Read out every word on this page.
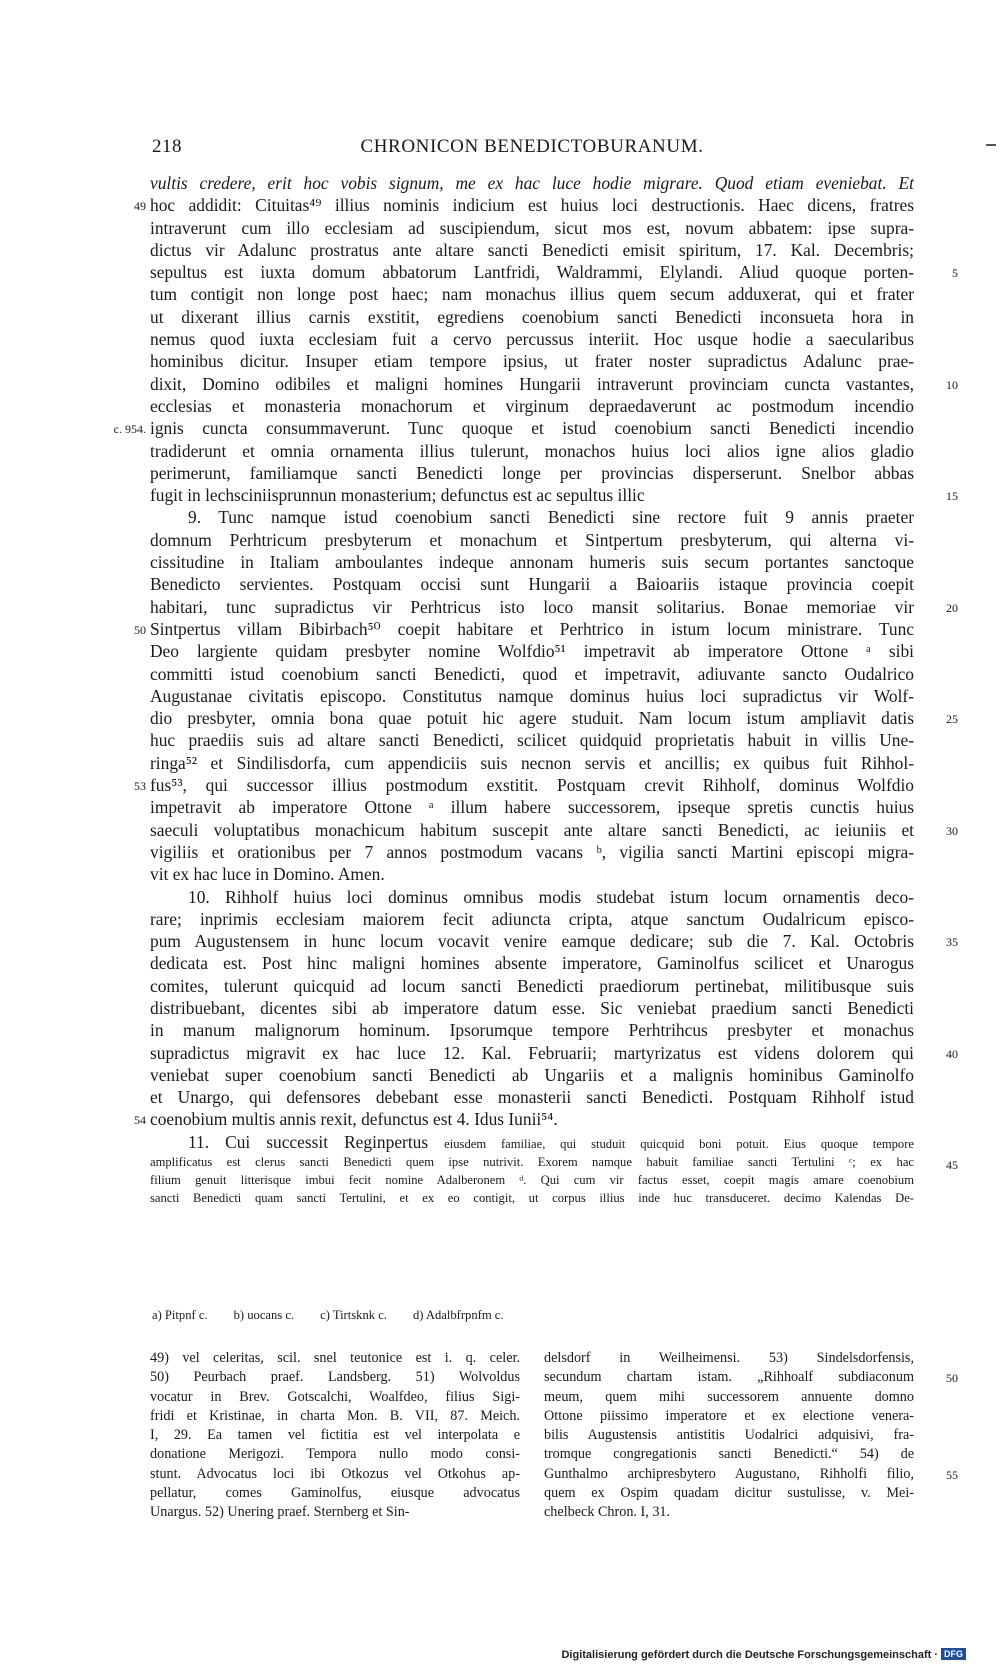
218	CHRONICON BENEDICTOBURANUM.
vultis credere, erit hoc vobis signum, me ex hac luce hodie migrare. Quod etiam eveniebat. Et
hoc addidit: Cituitas⁴⁹ illius nominis indicium est huius loci destructionis. Haec dicens, fratres
49
intraverunt cum illo ecclesiam ad suscipiendum, sicut mos est, novum abbatem: ipse supra-
dictus vir Adalunc prostratus ante altare sancti Benedicti emisit spiritum, 17. Kal. Decembris;
sepultus est iuxta domum abbatorum Lantfridi, Waldrammi, Elylandi. Aliud quoque porten-	5
tum contigit non longe post haec; nam monachus illius quem secum adduxerat, qui et frater
ut dixerant illius carnis exstitit, egrediens coenobium sancti Benedicti inconsueta hora in
nemus quod iuxta ecclesiam fuit a cervo percussus interiit. Hoc usque hodie a saecularibus
hominibus dicitur. Insuper etiam tempore ipsius, ut frater noster supradictus Adalunc prae-
dixit, Domino odibiles et maligni homines Hungarii intraverunt provinciam cuncta vastantes,	10
ecclesias et monasteria monachorum et virginum depraedaverunt ac postmodum incendio
ignis cuncta consummaverunt. Tunc quoque et istud coenobium sancti Benedicti incendio
c. 954.
tradiderunt et omnia ornamenta illius tulerunt, monachos huius loci alios igne alios gladio
perimerunt, familiamque sancti Benedicti longe per provincias disperserunt. Snelbor abbas
fugit in lechsciniisprunnun monasterium; defunctus est ac sepultus illic	15
9. Tunc namque istud coenobium sancti Benedicti sine rectore fuit 9 annis praeter
domnum Perhtricum presbyterum et monachum et Sintpertum presbyterum, qui alterna vi-
cissitudine in Italiam amboulantes indeque annonam humeris suis secum portantes sanctoque
Benedicto servientes. Postquam occisi sunt Hungarii a Baioariis istaque provincia coepit
habitari, tunc supradictus vir Perhtricus isto loco mansit solitarius. Bonae memoriae vir	20
Sintpertus villam Bibirbach⁵⁰ coepit habitare et Perhtrico in istum locum ministrare. Tunc
50
Deo largiente quidam presbyter nomine Wolfdio⁵¹ impetravit ab imperatore Ottone ᵃ sibi
committi istud coenobium sancti Benedicti, quod et impetravit, adiuvante sancto Oudalrico
Augustanae civitatis episcopo. Constitutus namque dominus huius loci supradictus vir Wolf-
dio presbyter, omnia bona quae potuit hic agere studuit. Nam locum istum ampliavit datis	25
huc praediis suis ad altare sancti Benedicti, scilicet quidquid proprietatis habuit in villis Une-
ringa⁵² et Sindilisdorfa, cum appendiciis suis necnon servis et ancillis; ex quibus fuit Rihhol-
fus⁵³, qui successor illius postmodum exstitit. Postquam crevit Rihholf, dominus Wolfdio
53
impetravit ab imperatore Ottone ᵃ illum habere successorem, ipseque spretis cunctis huius
saeculi voluptatibus monachicum habitum suscepit ante altare sancti Benedicti, ac ieiuniis et	30
vigiliis et orationibus per 7 annos postmodum vacans ᵇ, vigilia sancti Martini episcopi migra-
vit ex hac luce in Domino. Amen.
10. Rihholf huius loci dominus omnibus modis studebat istum locum ornamentis deco-
rare; inprimis ecclesiam maiorem fecit adiuncta cripta, atque sanctum Oudalricum episco-
pum Augustensem in hunc locum vocavit venire eamque dedicare; sub die 7. Kal. Octobris	35
dedicata est. Post hinc maligni homines absente imperatore, Gaminolfus scilicet et Unarogus
comites, tulerunt quicquid ad locum sancti Benedicti praediorum pertinebat, militibusque suis
distribuebant, dicentes sibi ab imperatore datum esse. Sic veniebat praedium sancti Benedicti
in manum malignorum hominum. Ipsorumque tempore Perhtrihcus presbyter et monachus
supradictus migravit ex hac luce 12. Kal. Februarii; martyrizatus est videns dolorem qui	40
veniebat super coenobium sancti Benedicti ab Ungariis et a malignis hominibus Gaminolfo
et Unargo, qui defensores debebant esse monasterii sancti Benedicti. Postquam Rihholf istud
coenobium multis annis rexit, defunctus est 4. Idus Iunii⁵⁴.
54
11. Cui successit Reginpertus eiusdem familiae, qui studuit quicquid boni potuit. Eius quoque tempore
amplificatus est clerus sancti Benedicti quem ipse nutrivit. Exorem namque habuit familiae sancti Tertulini ᶜ; ex hac	45
filium genuit litterisque imbui fecit nomine Adalberonem ᵈ. Qui cum vir factus esset, coepit magis amare coenobium
sancti Benedicti quam sancti Tertulini, et ex eo contigit, ut corpus illius inde huc transduceret. decimo Kalendas De-
a) Pitpnf c. b) uocans c. c) Tirtsknk c. d) Adalbfrpnfm c.
49) vel celeritas, scil. snel teutonice est i. q. celer.
50) Peurbach praef. Landsberg. 51) Wolvoldus
vocatur in Brev. Gotscalchi, Woalfdeo, filius Sigi-
fridi et Kristinae, in charta Mon. B. VII, 87. Meich.
I, 29. Ea tamen vel fictitia est vel interpolata e
donatione Merigozi. Tempora nullo modo consi-
stunt. Advocatus loci ibi Otkozus vel Otkohus ap-
pellatur, comes Gaminolfus, eiusque advocatus
Unargus. 52) Unering praef. Sternberg et Sin-
delsdorf in Weilheimensi. 53) Sindelsdorfensis,
secundum chartam istam. „Rihhoalf subdiaconum
meum, quem mihi successorem annuente domno
Ottone piissimo imperatore et ex electione venera-
bilis Augustensis antistitis Uodalrici adquisivi, fra-
tromque congregationis sancti Benedicti.“ 54) de
Gunthalmo archipresbytero Augustano, Rihholfi filio,
quem ex Ospim quadam dicitur sustulisse, v. Mei-
chelbeck Chron. I, 31.
50
55
Digitalisierung gefördert durch die Deutsche Forschungsgemeinschaft · DFG
